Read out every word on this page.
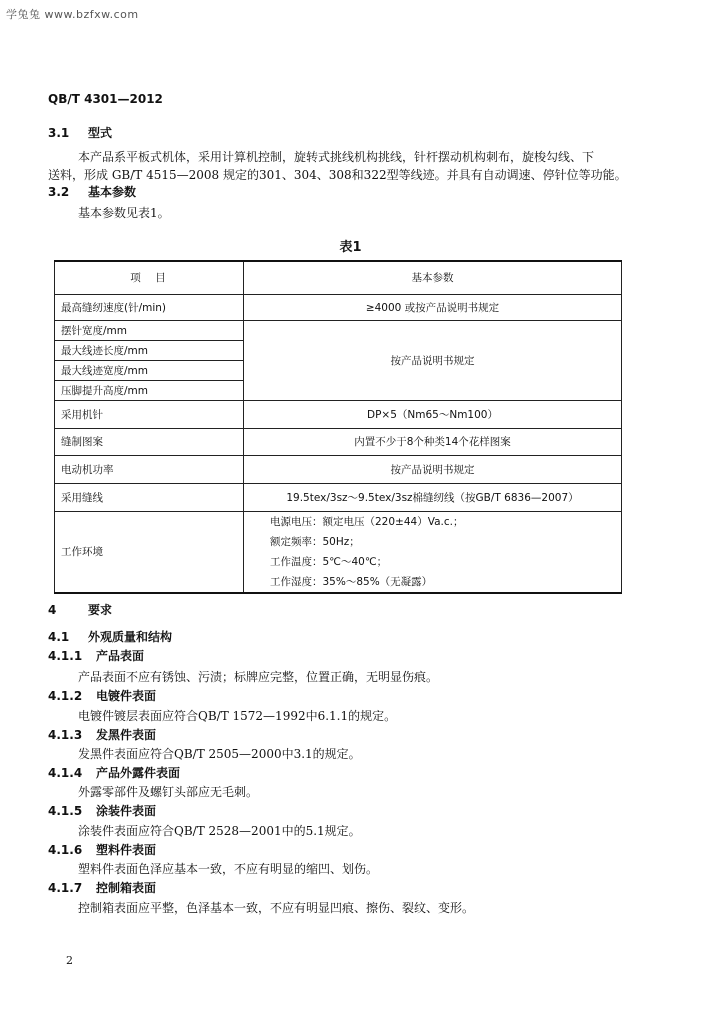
学兔兔 www.bzfxw.com
QB/T 4301—2012
3.1 型式
本产品系平板式机体，采用计算机控制，旋转式挑线机构挑线，针杆摆动机构刺布，旋梭勾线、下
送料，形成 GB/T 4515—2008 规定的301、304、308和322型等线迹。并具有自动调速、停针位等功能。
3.2 基本参数
基本参数见表1。
表1
项　目	基本参数
最高缝纫速度(针/min)	≥4000 或按产品说明书规定
摆针宽度/mm	按产品说明书规定
最大线迹长度/mm	
最大线迹宽度/mm	
压脚提升高度/mm	
采用机针	DP×5（Nm65～Nm100）
缝制图案	内置不少于8个种类14个花样图案
电动机功率	按产品说明书规定
采用缝线	19.5tex/3sz～9.5tex/3sz棉缝纫线（按GB/T 6836—2007）
工作环境	电源电压：额定电压（220±44）Va.c.；
额定频率：50Hz；
工作温度：5℃～40℃；
工作湿度：35%～85%（无凝露）
4	要求
4.1 外观质量和结构
4.1.1 产品表面
产品表面不应有锈蚀、污渍；标牌应完整，位置正确，无明显伤痕。
4.1.2 电镀件表面
电镀件镀层表面应符合QB/T 1572—1992中6.1.1的规定。
4.1.3 发黑件表面
发黑件表面应符合QB/T 2505—2000中3.1的规定。
4.1.4 产品外露件表面
外露零部件及螺钉头部应无毛刺。
4.1.5 涂装件表面
涂装件表面应符合QB/T 2528—2001中的5.1规定。
4.1.6 塑料件表面
塑料件表面色泽应基本一致，不应有明显的缩凹、划伤。
4.1.7 控制箱表面
控制箱表面应平整，色泽基本一致，不应有明显凹痕、擦伤、裂纹、变形。
2
